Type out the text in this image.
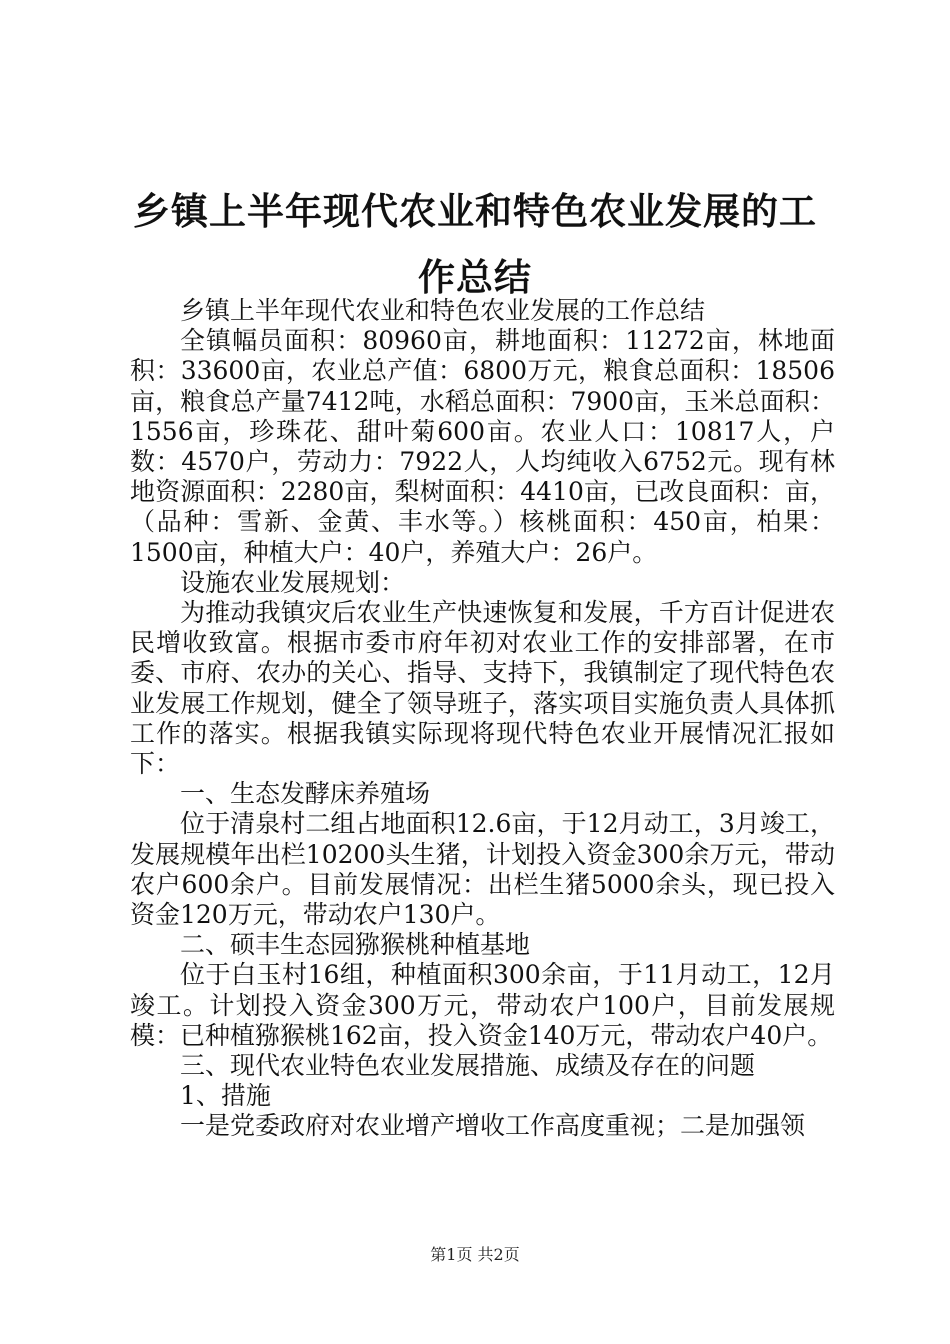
乡镇上半年现代农业和特色农业发展的工作总结

乡镇上半年现代农业和特色农业发展的工作总结

全镇幅员面积：80960亩，耕地面积：11272亩，林地面积：33600亩，农业总产值：6800万元，粮食总面积：18506亩，粮食总产量7412吨，水稻总面积：7900亩，玉米总面积：1556亩，珍珠花、甜叶菊600亩。农业人口：10817人，户数：4570户，劳动力：7922人，人均纯收入6752元。现有林地资源面积：2280亩，梨树面积：4410亩，已改良面积：亩，（品种：雪新、金黄、丰水等。）核桃面积：450亩，柏果：1500亩，种植大户：40户，养殖大户：26户。

设施农业发展规划：

为推动我镇灾后农业生产快速恢复和发展，千方百计促进农民增收致富。根据市委市府年初对农业工作的安排部署，在市委、市府、农办的关心、指导、支持下，我镇制定了现代特色农业发展工作规划，健全了领导班子，落实项目实施负责人具体抓工作的落实。根据我镇实际现将现代特色农业开展情况汇报如下：

一、生态发酵床养殖场

位于清泉村二组占地面积12.6亩，于12月动工，3月竣工，发展规模年出栏10200头生猪，计划投入资金300余万元，带动农户600余户。目前发展情况：出栏生猪5000余头，现已投入资金120万元，带动农户130户。

二、硕丰生态园猕猴桃种植基地

位于白玉村16组，种植面积300余亩，于11月动工，12月竣工。计划投入资金300万元，带动农户100户，目前发展规模：已种植猕猴桃162亩，投入资金140万元，带动农户40户。

三、现代农业特色农业发展措施、成绩及存在的问题

1、措施

一是党委政府对农业增产增收工作高度重视；二是加强领

第1页 共2页
